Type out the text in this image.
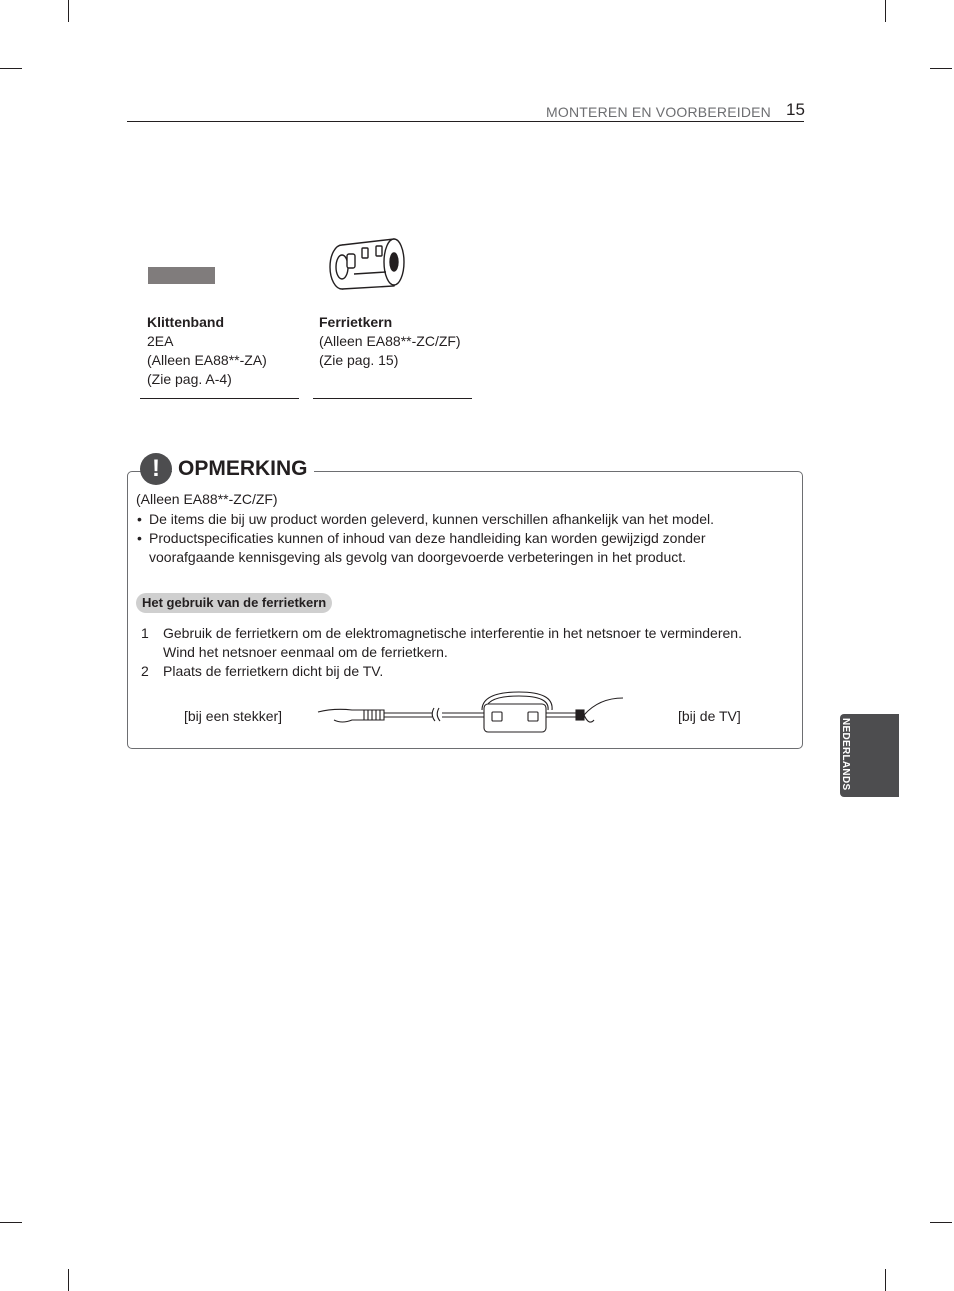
MONTEREN EN VOORBEREIDEN 15
Klittenband
2EA
(Alleen EA88**-ZA)
(Zie pag. A-4)
Ferrietkern
(Alleen EA88**-ZC/ZF)
(Zie pag. 15)
! OPMERKING
(Alleen EA88**-ZC/ZF)
• De items die bij uw product worden geleverd, kunnen verschillen afhankelijk van het model.
• Productspecificaties kunnen of inhoud van deze handleiding kan worden gewijzigd zonder
voorafgaande kennisgeving als gevolg van doorgevoerde verbeteringen in het product.
Het gebruik van de ferrietkern
1 Gebruik de ferrietkern om de elektromagnetische interferentie in het netsnoer te verminderen.
Wind het netsnoer eenmaal om de ferrietkern.
2 Plaats de ferrietkern dicht bij de TV.
[bij een stekker]	[bij de TV]
NEDERLANDS
